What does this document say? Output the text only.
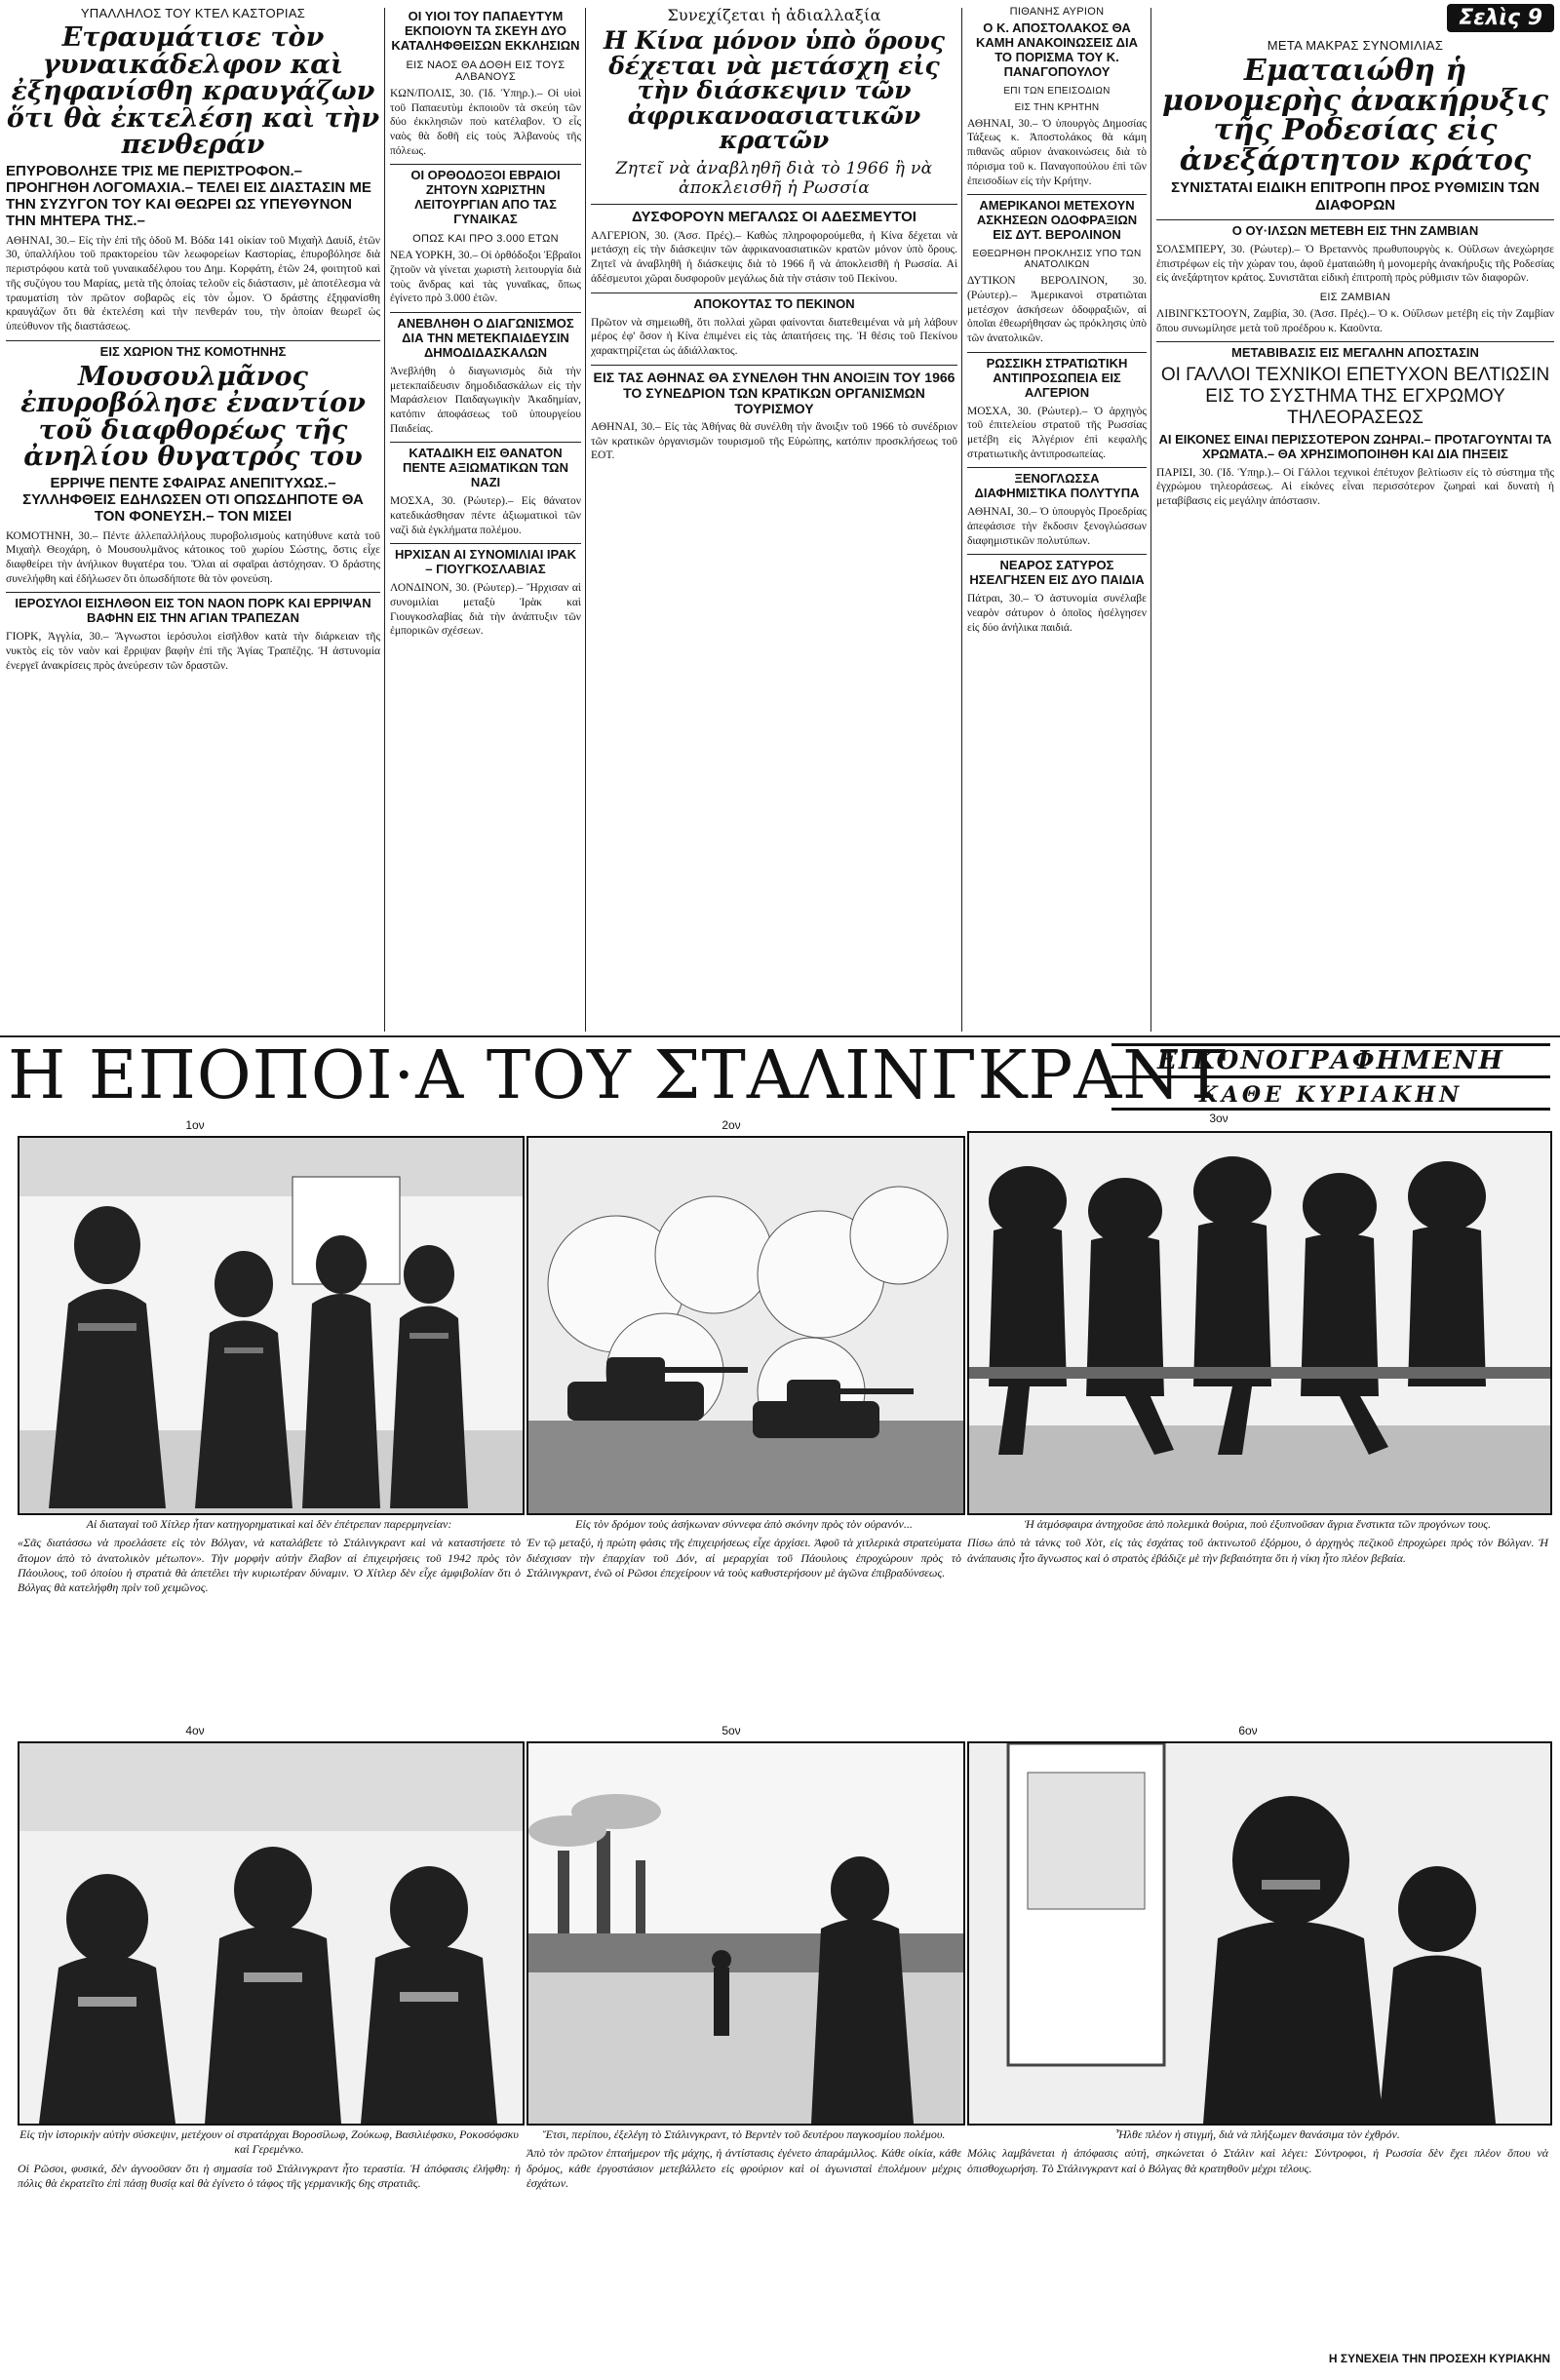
ΥΠΑΛΛΗΛΟΣ ΤΟΥ ΚΤΕΛ ΚΑΣΤΟΡΙΑΣ
Ετραυμάτισε τὸν γυναικάδελφον καὶ ἐξηφανίσθη κραυγάζων ὅτι θὰ ἐκτελέση καὶ τὴν πενθεράν
ΕΠΥΡΟΒΟΛΗΣΕ ΤΡΙΣ ΜΕ ΠΕΡΙΣΤΡΟΦΟΝ.– ΠΡΟΗΓΗΘΗ ΛΟΓΟΜΑΧΙΑ.– ΤΕΛΕΙ ΕΙΣ ΔΙΑΣΤΑΣΙΝ ΜΕ ΤΗΝ ΣΥΖΥΓΟΝ ΤΟΥ ΚΑΙ ΘΕΩΡΕΙ ΩΣ ΥΠΕΥΘΥΝΟΝ ΤΗΝ ΜΗΤΕΡΑ ΤΗΣ.–
ΑΘΗΝΑΙ, 30.– Εἰς τὴν ἐπὶ τῆς ὁδοῦ Μ. Βόδα 141 οἰκίαν τοῦ Μιχαὴλ Δαυίδ, ἐτῶν 30, ὑπαλλήλου τοῦ πρακτορείου τῶν λεωφορείων Καστορίας, ἐπυροβόλησε διὰ περιστρόφου κατὰ τοῦ γυναικαδέλφου του Δημ. Κορφάτη, ἐτῶν 24, φοιτητοῦ καὶ τῆς συζύγου του Μαρίας, μετὰ τῆς ὁποίας τελοῦν εἰς διάστασιν, μὲ ἀποτέλεσμα νὰ τραυματίση τὸν πρῶτον σοβαρῶς εἰς τὸν ὦμον. Ὁ δράστης ἐξηφανίσθη κραυγάζων ὅτι θὰ ἐκτελέση καὶ τὴν πενθεράν του, τὴν ὁποίαν θεωρεῖ ὡς ὑπεύθυνον τῆς διαστάσεως.
ΕΙΣ ΧΩΡΙΟΝ ΤΗΣ ΚΟΜΟΤΗΝΗΣ
Μουσουλμᾶνος ἐπυροβόλησε ἐναντίον τοῦ διαφθορέως τῆς ἀνηλίου θυγατρός του
ΕΡΡΙΨΕ ΠΕΝΤΕ ΣΦΑΙΡΑΣ ΑΝΕΠΙΤΥΧΩΣ.– ΣΥΛΛΗΦΘΕΙΣ ΕΔΗΛΩΣΕΝ ΟΤΙ ΟΠΩΣΔΗΠΟΤΕ ΘΑ ΤΟΝ ΦΟΝΕΥΣΗ.– ΤΟΝ ΜΙΣΕΙ
ΚΟΜΟΤΗΝΗ, 30.– Πέντε ἀλλεπαλλήλους πυροβολισμοὺς κατηύθυνε κατὰ τοῦ Μιχαὴλ Θεοχάρη, ὁ Μουσουλμᾶνος κάτοικος τοῦ χωρίου Σώστης, ὅστις εἶχε διαφθείρει τὴν ἀνήλικον θυγατέρα του. Ὅλαι αἱ σφαῖραι ἀστόχησαν. Ὁ δράστης συνελήφθη καὶ ἐδήλωσεν ὅτι ὁπωσδήποτε θὰ τὸν φονεύση.
ΙΕΡΟΣΥΛΟΙ ΕΙΣΗΛΘΟΝ ΕΙΣ ΤΟΝ ΝΑΟΝ ΠΟΡΚ ΚΑΙ ΕΡΡΙΨΑΝ ΒΑΦΗΝ ΕΙΣ ΤΗΝ ΑΓΙΑΝ ΤΡΑΠΕΖΑΝ
ΓΙΟΡΚ, Ἀγγλία, 30.– Ἄγνωστοι ἱερόσυλοι εἰσῆλθον κατὰ τὴν διάρκειαν τῆς νυκτὸς εἰς τὸν ναὸν καὶ ἔρριψαν βαφὴν ἐπὶ τῆς Ἁγίας Τραπέζης. Ἡ ἀστυνομία ἐνεργεῖ ἀνακρίσεις πρὸς ἀνεύρεσιν τῶν δραστῶν.
ΟΙ ΥΙΟΙ ΤΟΥ ΠΑΠΑΕΥΤΥΜ ΕΚΠΟΙΟΥΝ ΤΑ ΣΚΕΥΗ ΔΥΟ ΚΑΤΑΛΗΦΘΕΙΣΩΝ ΕΚΚΛΗΣΙΩΝ
ΕΙΣ ΝΑΟΣ ΘΑ ΔΟΘΗ ΕΙΣ ΤΟΥΣ ΑΛΒΑΝΟΥΣ
ΚΩΝ/ΠΟΛΙΣ, 30. (Ἰδ. Ὑπηρ.).– Οἱ υἱοὶ τοῦ Παπαευτὺμ ἐκποιοῦν τὰ σκεύη τῶν δύο ἐκκλησιῶν ποὺ κατέλαβον. Ὁ εἷς ναὸς θὰ δοθῆ εἰς τοὺς Ἀλβανοὺς τῆς πόλεως.
ΟΙ ΟΡΘΟΔΟΞΟΙ ΕΒΡΑΙΟΙ ΖΗΤΟΥΝ ΧΩΡΙΣΤΗΝ ΛΕΙΤΟΥΡΓΙΑΝ ΑΠΟ ΤΑΣ ΓΥΝΑΙΚΑΣ
ΟΠΩΣ ΚΑΙ ΠΡΟ 3.000 ΕΤΩΝ
ΝΕΑ ΥΟΡΚΗ, 30.– Οἱ ὀρθόδοξοι Ἑβραῖοι ζητοῦν νὰ γίνεται χωριστὴ λειτουργία διὰ τοὺς ἄνδρας καὶ τὰς γυναῖκας, ὅπως ἐγίνετο πρὸ 3.000 ἐτῶν.
ΑΝΕΒΛΗΘΗ Ο ΔΙΑΓΩΝΙΣΜΟΣ ΔΙΑ ΤΗΝ ΜΕΤΕΚΠΑΙΔΕΥΣΙΝ ΔΗΜΟΔΙΔΑΣΚΑΛΩΝ
Ἀνεβλήθη ὁ διαγωνισμὸς διὰ τὴν μετεκπαίδευσιν δημοδιδασκάλων εἰς τὴν Μαράσλειον Παιδαγωγικὴν Ἀκαδημίαν, κατόπιν ἀποφάσεως τοῦ ὑπουργείου Παιδείας.
ΚΑΤΑΔΙΚΗ ΕΙΣ ΘΑΝΑΤΟΝ ΠΕΝΤΕ ΑΞΙΩΜΑΤΙΚΩΝ ΤΩΝ ΝΑΖΙ
ΜΟΣΧΑ, 30. (Ρώυτερ).– Εἰς θάνατον κατεδικάσθησαν πέντε ἀξιωματικοὶ τῶν ναζὶ διὰ ἐγκλήματα πολέμου.
ΗΡΧΙΣΑΝ ΑΙ ΣΥΝΟΜΙΛΙΑΙ ΙΡΑΚ – ΓΙΟΥΓΚΟΣΛΑΒΙΑΣ
ΛΟΝΔΙΝΟΝ, 30. (Ρώυτερ).– Ἤρχισαν αἱ συνομιλίαι μεταξὺ Ἰρὰκ καὶ Γιουγκοσλαβίας διὰ τὴν ἀνάπτυξιν τῶν ἐμπορικῶν σχέσεων.
Συνεχίζεται ἡ ἀδιαλλαξία
Η Κίνα μόνον ὑπὸ ὅρους δέχεται νὰ μετάσχη εἰς τὴν διάσκεψιν τῶν ἀφρικανοασιατικῶν κρατῶν
Ζητεῖ νὰ ἀναβληθῆ διὰ τὸ 1966 ἢ νὰ ἀποκλεισθῆ ἡ Ρωσσία
ΔΥΣΦΟΡΟΥΝ ΜΕΓΑΛΩΣ ΟΙ ΑΔΕΣΜΕΥΤΟΙ
ΑΛΓΕΡΙΟΝ, 30. (Ἀσσ. Πρές).– Καθὼς πληροφορούμεθα, ἡ Κίνα δέχεται νὰ μετάσχη εἰς τὴν διάσκεψιν τῶν ἀφρικανοασιατικῶν κρατῶν μόνον ὑπὸ ὅρους. Ζητεῖ νὰ ἀναβληθῆ ἡ διάσκεψις διὰ τὸ 1966 ἢ νὰ ἀποκλεισθῆ ἡ Ρωσσία. Αἱ ἀδέσμευτοι χῶραι δυσφοροῦν μεγάλως διὰ τὴν στάσιν τοῦ Πεκίνου.
ΑΠΟΚΟΥΤΑΣ ΤΟ ΠΕΚΙΝΟΝ
Πρῶτον νὰ σημειωθῆ, ὅτι πολλαὶ χῶραι φαίνονται διατεθειμέναι νὰ μὴ λάβουν μέρος ἐφ' ὅσον ἡ Κίνα ἐπιμένει εἰς τὰς ἀπαιτήσεις της. Ἡ θέσις τοῦ Πεκίνου χαρακτηρίζεται ὡς ἀδιάλλακτος.
ΕΙΣ ΤΑΣ ΑΘΗΝΑΣ ΘΑ ΣΥΝΕΛΘΗ ΤΗΝ ΑΝΟΙΞΙΝ ΤΟΥ 1966 ΤΟ ΣΥΝΕΔΡΙΟΝ ΤΩΝ ΚΡΑΤΙΚΩΝ ΟΡΓΑΝΙΣΜΩΝ ΤΟΥΡΙΣΜΟΥ
ΑΘΗΝΑΙ, 30.– Εἰς τὰς Ἀθήνας θὰ συνέλθη τὴν ἄνοιξιν τοῦ 1966 τὸ συνέδριον τῶν κρατικῶν ὀργανισμῶν τουρισμοῦ τῆς Εὐρώπης, κατόπιν προσκλήσεως τοῦ ΕΟΤ.
ΠΙΘΑΝΗΣ ΑΥΡΙΟΝ
Ο Κ. ΑΠΟΣΤΟΛΑΚΟΣ ΘΑ ΚΑΜΗ ΑΝΑΚΟΙΝΩΣΕΙΣ ΔΙΑ ΤΟ ΠΟΡΙΣΜΑ ΤΟΥ Κ. ΠΑΝΑΓΟΠΟΥΛΟΥ
ΕΠΙ ΤΩΝ ΕΠΕΙΣΟΔΙΩΝ
ΕΙΣ ΤΗΝ ΚΡΗΤΗΝ
ΑΘΗΝΑΙ, 30.– Ὁ ὑπουργὸς Δημοσίας Τάξεως κ. Ἀποστολάκος θὰ κάμη πιθανῶς αὔριον ἀνακοινώσεις διὰ τὸ πόρισμα τοῦ κ. Παναγοπούλου ἐπὶ τῶν ἐπεισοδίων εἰς τὴν Κρήτην.
ΑΜΕΡΙΚΑΝΟΙ ΜΕΤΕΧΟΥΝ ΑΣΚΗΣΕΩΝ ΟΔΟΦΡΑΞΙΩΝ ΕΙΣ ΔΥΤ. ΒΕΡΟΛΙΝΟΝ
ΕΘΕΩΡΗΘΗ ΠΡΟΚΛΗΣΙΣ ΥΠΟ ΤΩΝ ΑΝΑΤΟΛΙΚΩΝ
ΔΥΤΙΚΟΝ ΒΕΡΟΛΙΝΟΝ, 30. (Ρώυτερ).– Ἀμερικανοὶ στρατιῶται μετέσχον ἀσκήσεων ὁδοφραξιῶν, αἱ ὁποῖαι ἐθεωρήθησαν ὡς πρόκλησις ὑπὸ τῶν ἀνατολικῶν.
ΡΩΣΣΙΚΗ ΣΤΡΑΤΙΩΤΙΚΗ ΑΝΤΙΠΡΟΣΩΠΕΙΑ ΕΙΣ ΑΛΓΕΡΙΟΝ
ΜΟΣΧΑ, 30. (Ρώυτερ).– Ὁ ἀρχηγὸς τοῦ ἐπιτελείου στρατοῦ τῆς Ρωσσίας μετέβη εἰς Ἀλγέριον ἐπὶ κεφαλῆς στρατιωτικῆς ἀντιπροσωπείας.
ΞΕΝΟΓΛΩΣΣΑ ΔΙΑΦΗΜΙΣΤΙΚΑ ΠΟΛΥΤΥΠΑ
ΑΘΗΝΑΙ, 30.– Ὁ ὑπουργὸς Προεδρίας ἀπεφάσισε τὴν ἔκδοσιν ξενογλώσσων διαφημιστικῶν πολυτύπων.
ΝΕΑΡΟΣ ΣΑΤΥΡΟΣ ΗΣΕΛΓΗΣΕΝ ΕΙΣ ΔΥΟ ΠΑΙΔΙΑ
Πάτραι, 30.– Ὁ ἀστυνομία συνέλαβε νεαρὸν σάτυρον ὁ ὁποῖος ἡσέλγησεν εἰς δύο ἀνήλικα παιδιά.
Σελὶς 9
ΜΕΤΑ ΜΑΚΡΑΣ ΣΥΝΟΜΙΛΙΑΣ
Εματαιώθη ἡ μονομερὴς ἀνακήρυξις τῆς Ροδεσίας εἰς ἀνεξάρτητον κράτος
ΣΥΝΙΣΤΑΤΑΙ ΕΙΔΙΚΗ ΕΠΙΤΡΟΠΗ ΠΡΟΣ ΡΥΘΜΙΣΙΝ ΤΩΝ ΔΙΑΦΟΡΩΝ
Ο ΟΥ·ΙΛΣΩΝ ΜΕΤΕΒΗ ΕΙΣ ΤΗΝ ΖΑΜΒΙΑΝ
ΣΟΛΣΜΠΕΡΥ, 30. (Ρώυτερ).– Ὁ Βρεταννὸς πρωθυπουργὸς κ. Οὐΐλσων ἀνεχώρησε ἐπιστρέφων εἰς τὴν χώραν του, ἀφοῦ ἐματαιώθη ἡ μονομερὴς ἀνακήρυξις τῆς Ροδεσίας εἰς ἀνεξάρτητον κράτος. Συνιστᾶται εἰδικὴ ἐπιτροπὴ πρὸς ρύθμισιν τῶν διαφορῶν.
ΕΙΣ ΖΑΜΒΙΑΝ
ΛΙΒΙΝΓΚΣΤΟΟΥΝ, Ζαμβία, 30. (Ἀσσ. Πρές).– Ὁ κ. Οὐΐλσων μετέβη εἰς τὴν Ζαμβίαν ὅπου συνωμίλησε μετὰ τοῦ προέδρου κ. Καοῦντα.
ΜΕΤΑΒΙΒΑΣΙΣ ΕΙΣ ΜΕΓΑΛΗΝ ΑΠΟΣΤΑΣΙΝ
ΟΙ ΓΑΛΛΟΙ ΤΕΧΝΙΚΟΙ ΕΠΕΤΥΧΟΝ ΒΕΛΤΙΩΣΙΝ ΕΙΣ ΤΟ ΣΥΣΤΗΜΑ ΤΗΣ ΕΓΧΡΩΜΟΥ ΤΗΛΕΟΡΑΣΕΩΣ
ΑΙ ΕΙΚΟΝΕΣ ΕΙΝΑΙ ΠΕΡΙΣΣΟΤΕΡΟΝ ΖΩΗΡΑΙ.– ΠΡΟΤΑΓΟΥΝΤΑΙ ΤΑ ΧΡΩΜΑΤΑ.– ΘΑ ΧΡΗΣΙΜΟΠΟΙΗΘΗ ΚΑΙ ΔΙΑ ΠΗΞΕΙΣ
ΠΑΡΙΣΙ, 30. (Ἰδ. Ὑπηρ.).– Οἱ Γάλλοι τεχνικοὶ ἐπέτυχον βελτίωσιν εἰς τὸ σύστημα τῆς ἐγχρώμου τηλεοράσεως. Αἱ εἰκόνες εἶναι περισσότερον ζωηραὶ καὶ δυνατὴ ἡ μεταβίβασις εἰς μεγάλην ἀπόστασιν.
Η ΕΠΟΠΟΙ·Α ΤΟΥ ΣΤΑΛΙΝΓΚΡΑΝΤ
ΕΙΚΟΝΟΓΡΑΦΗΜΕΝΗ
ΚΑΘΕ ΚΥΡΙΑΚΗΝ
1ον	2ον	3ον
Αἱ διαταγαὶ τοῦ Χίτλερ ἦταν κατηγορηματικαὶ καὶ δὲν ἐπέτρεπαν παρερμηνείαν:
«Σᾶς διατάσσω νὰ προελάσετε εἰς τὸν Βόλγαν, νὰ καταλάβετε τὸ Στάλινγκραντ καὶ νὰ καταστήσετε τὸ ἄτομον ἀπὸ τὸ ἀνατολικὸν μέτωπον». Τὴν μορφὴν αὐτὴν ἔλαβον αἱ ἐπιχειρήσεις τοῦ 1942 πρὸς τὸν Πάουλους, τοῦ ὁποίου ἡ στρατιὰ θὰ ἀπετέλει τὴν κυριωτέραν δύναμιν. Ὁ Χίτλερ δὲν εἶχε ἀμφιβολίαν ὅτι ὁ Βόλγας θὰ κατελήφθη πρὶν τοῦ χειμῶνος.
Εἰς τὸν δρόμον τοὺς ἀσήκωναν σύννεφα ἀπὸ σκόνην πρὸς τὸν οὐρανόν...
Ἐν τῷ μεταξύ, ἡ πρώτη φάσις τῆς ἐπιχειρήσεως εἶχε ἀρχίσει. Ἀφοῦ τὰ χιτλερικὰ στρατεύματα διέσχισαν τὴν ἐπαρχίαν τοῦ Δόν, αἱ μεραρχίαι τοῦ Πάουλους ἐπροχώρουν πρὸς τὸ Στάλινγκραντ, ἐνῶ οἱ Ρῶσοι ἐπεχείρουν νὰ τοὺς καθυστερήσουν μὲ ἀγῶνα ἐπιβραδύνσεως.
Ἡ ἀτμόσφαιρα ἀντηχοῦσε ἀπὸ πολεμικὰ θούρια, ποὺ ἐξυπνοῦσαν ἄγρια ἔνστικτα τῶν προγόνων τους.
Πίσω ἀπὸ τὰ τάνκς τοῦ Χὸτ, εἰς τὰς ἐσχάτας τοῦ ἀκτινωτοῦ ἐξόρμου, ὁ ἀρχηγὸς πεζικοῦ ἐπροχώρει πρὸς τὸν Βόλγαν. Ἡ ἀνάπαυσις ἦτο ἄγνωστος καὶ ὁ στρατὸς ἐβάδιζε μὲ τὴν βεβαιότητα ὅτι ἡ νίκη ἦτο πλέον βεβαία.
4ον	5ον	6ον
Εἰς τὴν ἱστορικὴν αὐτὴν σύσκεψιν, μετέχουν οἱ στρατάρχαι Βοροσίλωφ, Ζούκωφ, Βασιλιέφσκυ, Ροκοσόφσκυ καὶ Γερεμένκο.
Οἱ Ρῶσοι, φυσικά, δὲν ἀγνοοῦσαν ὅτι ἡ σημασία τοῦ Στάλινγκραντ ἦτο τεραστία. Ἡ ἀπόφασις ἐλήφθη: ἡ πόλις θὰ ἐκρατεῖτο ἐπὶ πάσῃ θυσίᾳ καὶ θὰ ἐγίνετο ὁ τάφος τῆς γερμανικῆς 6ης στρατιᾶς.
Ἔτσι, περίπου, ἐξελέγη τὸ Στάλινγκραντ, τὸ Βερντὲν τοῦ δευτέρου παγκοσμίου πολέμου.
Ἀπὸ τὸν πρῶτον ἑπταήμερον τῆς μάχης, ἡ ἀντίστασις ἐγένετο ἀπαράμιλλος. Κάθε οἰκία, κάθε δρόμος, κάθε ἐργοστάσιον μετεβάλλετο εἰς φρούριον καὶ οἱ ἀγωνισταὶ ἐπολέμουν μέχρις ἐσχάτων.
Ἦλθε πλέον ἡ στιγμή, διὰ νὰ πλήξωμεν θανάσιμα τὸν ἐχθρόν.
Μόλις λαμβάνεται ἡ ἀπόφασις αὐτή, σηκώνεται ὁ Στάλιν καὶ λέγει: Σύντροφοι, ἡ Ρωσσία δὲν ἔχει πλέον ὅπου νὰ ὀπισθοχωρήση. Τὸ Στάλινγκραντ καὶ ὁ Βόλγας θὰ κρατηθοῦν μέχρι τέλους.
Η ΣΥΝΕΧΕΙΑ ΤΗΝ ΠΡΟΣΕΧΗ ΚΥΡΙΑΚΗΝ
